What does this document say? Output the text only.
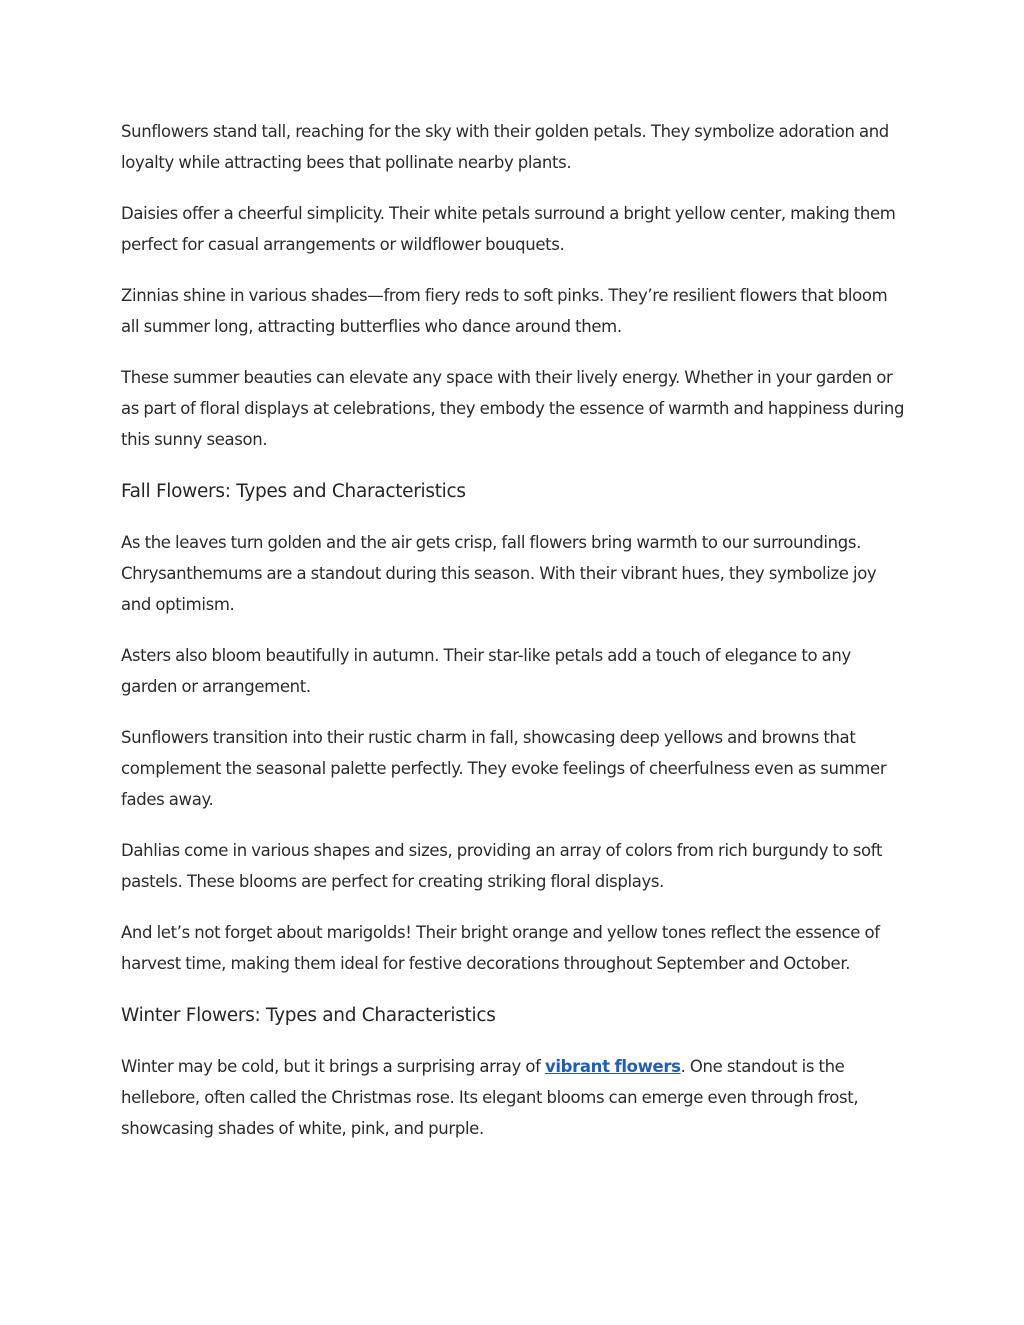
Sunflowers stand tall, reaching for the sky with their golden petals. They symbolize adoration and loyalty while attracting bees that pollinate nearby plants.

Daisies offer a cheerful simplicity. Their white petals surround a bright yellow center, making them perfect for casual arrangements or wildflower bouquets.

Zinnias shine in various shades—from fiery reds to soft pinks. They’re resilient flowers that bloom all summer long, attracting butterflies who dance around them.

These summer beauties can elevate any space with their lively energy. Whether in your garden or as part of floral displays at celebrations, they embody the essence of warmth and happiness during this sunny season.

Fall Flowers: Types and Characteristics

As the leaves turn golden and the air gets crisp, fall flowers bring warmth to our surroundings. Chrysanthemums are a standout during this season. With their vibrant hues, they symbolize joy and optimism.

Asters also bloom beautifully in autumn. Their star-like petals add a touch of elegance to any garden or arrangement.

Sunflowers transition into their rustic charm in fall, showcasing deep yellows and browns that complement the seasonal palette perfectly. They evoke feelings of cheerfulness even as summer fades away.

Dahlias come in various shapes and sizes, providing an array of colors from rich burgundy to soft pastels. These blooms are perfect for creating striking floral displays.

And let’s not forget about marigolds! Their bright orange and yellow tones reflect the essence of harvest time, making them ideal for festive decorations throughout September and October.

Winter Flowers: Types and Characteristics

Winter may be cold, but it brings a surprising array of vibrant flowers. One standout is the hellebore, often called the Christmas rose. Its elegant blooms can emerge even through frost, showcasing shades of white, pink, and purple.
